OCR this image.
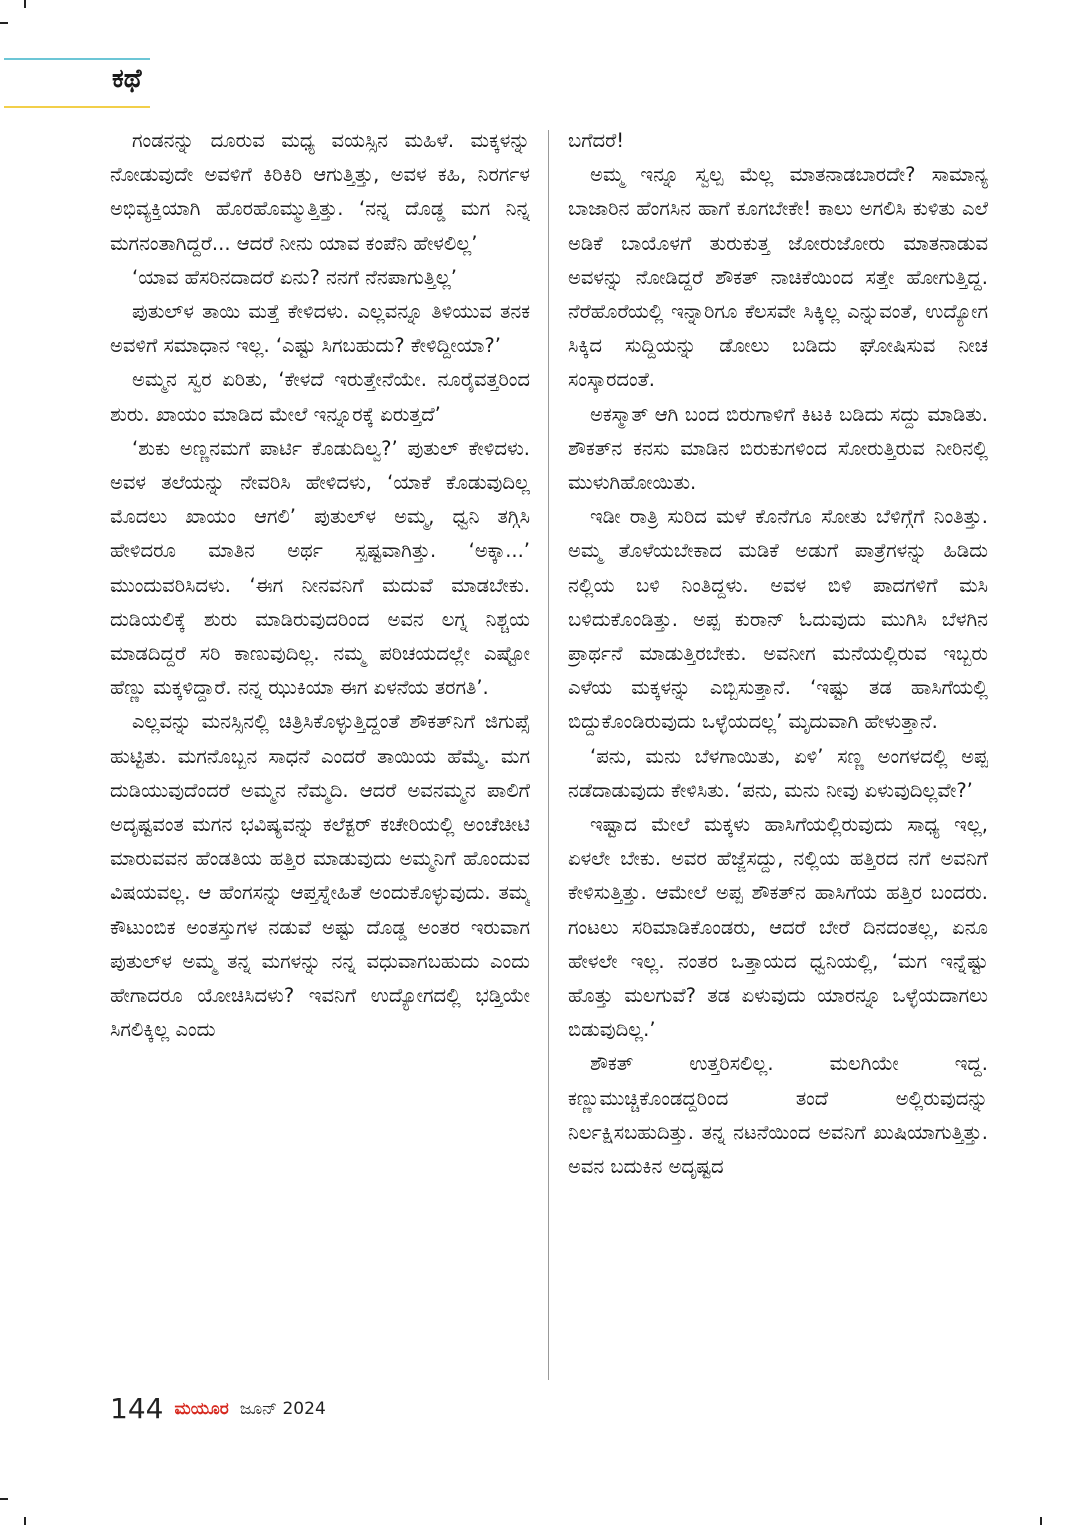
ಕಥೆ

ಗಂಡನನ್ನು ದೂರುವ ಮಧ್ಯ ವಯಸ್ಸಿನ ಮಹಿಳೆ. ಮಕ್ಕಳನ್ನು ನೋಡುವುದೇ ಅವಳಿಗೆ ಕಿರಿಕಿರಿ ಆಗುತ್ತಿತ್ತು, ಅವಳ ಕಹಿ, ನಿರರ್ಗಳ ಅಭಿವ್ಯಕ್ತಿಯಾಗಿ ಹೊರಹೊಮ್ಮುತ್ತಿತ್ತು. ‘ನನ್ನ ದೊಡ್ಡ ಮಗ ನಿನ್ನ ಮಗನಂತಾಗಿದ್ದರೆ... ಆದರೆ ನೀನು ಯಾವ ಕಂಪೆನಿ ಹೇಳಲಿಲ್ಲ’

‘ಯಾವ ಹೆಸರಿನದಾದರೆ ಏನು? ನನಗೆ ನೆನಪಾಗುತ್ತಿಲ್ಲ’

ಪುತುಲ್‌ಳ ತಾಯಿ ಮತ್ತೆ ಕೇಳಿದಳು. ಎಲ್ಲವನ್ನೂ ತಿಳಿಯುವ ತನಕ ಅವಳಿಗೆ ಸಮಾಧಾನ ಇಲ್ಲ. ‘ಎಷ್ಟು ಸಿಗಬಹುದು? ಕೇಳಿದ್ದೀಯಾ?’

ಅಮ್ಮನ ಸ್ವರ ಏರಿತು, ‘ಕೇಳದೆ ಇರುತ್ತೇನೆಯೇ. ನೂರೈವತ್ತರಿಂದ ಶುರು. ಖಾಯಂ ಮಾಡಿದ ಮೇಲೆ ಇನ್ನೂರಕ್ಕೆ ಏರುತ್ತದೆ’

‘ಶುಕು ಅಣ್ಣನಮಗೆ ಪಾರ್ಟಿ ಕೊಡುದಿಲ್ವ?’ ಪುತುಲ್ ಕೇಳಿದಳು. ಅವಳ ತಲೆಯನ್ನು ನೇವರಿಸಿ ಹೇಳಿದಳು, ‘ಯಾಕೆ ಕೊಡುವುದಿಲ್ಲ ಮೊದಲು ಖಾಯಂ ಆಗಲಿ’ ಪುತುಲ್‌ಳ ಅಮ್ಮ, ಧ್ವನಿ ತಗ್ಗಿಸಿ ಹೇಳಿದರೂ ಮಾತಿನ ಅರ್ಥ ಸ್ಪಷ್ಟವಾಗಿತ್ತು. ‘ಅಕ್ಕಾ...’ ಮುಂದುವರಿಸಿದಳು. ‘ಈಗ ನೀನವನಿಗೆ ಮದುವೆ ಮಾಡಬೇಕು. ದುಡಿಯಲಿಕ್ಕೆ ಶುರು ಮಾಡಿರುವುದರಿಂದ ಅವನ ಲಗ್ನ ನಿಶ್ಚಯ ಮಾಡದಿದ್ದರೆ ಸರಿ ಕಾಣುವುದಿಲ್ಲ. ನಮ್ಮ ಪರಿಚಯದಲ್ಲೇ ಎಷ್ಟೋ ಹೆಣ್ಣು ಮಕ್ಕಳಿದ್ದಾರೆ. ನನ್ನ ಝುಕಿಯಾ ಈಗ ಏಳನೆಯ ತರಗತಿ’.

ಎಲ್ಲವನ್ನು ಮನಸ್ಸಿನಲ್ಲಿ ಚಿತ್ರಿಸಿಕೊಳ್ಳುತ್ತಿದ್ದಂತೆ ಶೌಕತ್‌ನಿಗೆ ಜಿಗುಪ್ಸೆ ಹುಟ್ಟಿತು. ಮಗನೊಬ್ಬನ ಸಾಧನೆ ಎಂದರೆ ತಾಯಿಯ ಹೆಮ್ಮೆ. ಮಗ ದುಡಿಯುವುದೆಂದರೆ ಅಮ್ಮನ ನೆಮ್ಮದಿ. ಆದರೆ ಅವನಮ್ಮನ ಪಾಲಿಗೆ ಅದೃಷ್ಟವಂತ ಮಗನ ಭವಿಷ್ಯವನ್ನು ಕಲೆಕ್ಟರ್ ಕಚೇರಿಯಲ್ಲಿ ಅಂಚೆಚೀಟಿ ಮಾರುವವನ ಹೆಂಡತಿಯ ಹತ್ತಿರ ಮಾಡುವುದು ಅಮ್ಮನಿಗೆ ಹೊಂದುವ ವಿಷಯವಲ್ಲ. ಆ ಹೆಂಗಸನ್ನು ಆಪ್ತಸ್ನೇಹಿತೆ ಅಂದುಕೊಳ್ಳುವುದು. ತಮ್ಮ ಕೌಟುಂಬಿಕ ಅಂತಸ್ತುಗಳ ನಡುವೆ ಅಷ್ಟು ದೊಡ್ಡ ಅಂತರ ಇರುವಾಗ ಪುತುಲ್‌ಳ ಅಮ್ಮ ತನ್ನ ಮಗಳನ್ನು ನನ್ನ ವಧುವಾಗಬಹುದು ಎಂದು ಹೇಗಾದರೂ ಯೋಚಿಸಿದಳು? ಇವನಿಗೆ ಉದ್ಯೋಗದಲ್ಲಿ ಭಡ್ತಿಯೇ ಸಿಗಲಿಕ್ಕಿಲ್ಲ ಎಂದು

ಬಗೆದರೆ!

ಅಮ್ಮ ಇನ್ನೂ ಸ್ವಲ್ಪ ಮೆಲ್ಲ ಮಾತನಾಡಬಾರದೇ? ಸಾಮಾನ್ಯ ಬಾಜಾರಿನ ಹೆಂಗಸಿನ ಹಾಗೆ ಕೂಗಬೇಕೇ! ಕಾಲು ಅಗಲಿಸಿ ಕುಳಿತು ಎಲೆ ಅಡಿಕೆ ಬಾಯೊಳಗೆ ತುರುಕುತ್ತ ಜೋರುಜೋರು ಮಾತನಾಡುವ ಅವಳನ್ನು ನೋಡಿದ್ದರೆ ಶೌಕತ್ ನಾಚಿಕೆಯಿಂದ ಸತ್ತೇ ಹೋಗುತ್ತಿದ್ದ. ನೆರೆಹೊರೆಯಲ್ಲಿ ಇನ್ನಾರಿಗೂ ಕೆಲಸವೇ ಸಿಕ್ಕಿಲ್ಲ ಎನ್ನುವಂತೆ, ಉದ್ಯೋಗ ಸಿಕ್ಕಿದ ಸುದ್ದಿಯನ್ನು ಡೋಲು ಬಡಿದು ಘೋಷಿಸುವ ನೀಚ ಸಂಸ್ಕಾರದಂತೆ.

ಅಕಸ್ಮಾತ್ ಆಗಿ ಬಂದ ಬಿರುಗಾಳಿಗೆ ಕಿಟಕಿ ಬಡಿದು ಸದ್ದು ಮಾಡಿತು. ಶೌಕತ್‌ನ ಕನಸು ಮಾಡಿನ ಬಿರುಕುಗಳಿಂದ ಸೋರುತ್ತಿರುವ ನೀರಿನಲ್ಲಿ ಮುಳುಗಿಹೋಯಿತು.

ಇಡೀ ರಾತ್ರಿ ಸುರಿದ ಮಳೆ ಕೊನೆಗೂ ಸೋತು ಬೆಳಿಗ್ಗೆಗೆ ನಿಂತಿತ್ತು. ಅಮ್ಮ ತೊಳೆಯಬೇಕಾದ ಮಡಿಕೆ ಅಡುಗೆ ಪಾತ್ರೆಗಳನ್ನು ಹಿಡಿದು ನಲ್ಲಿಯ ಬಳಿ ನಿಂತಿದ್ದಳು. ಅವಳ ಬಿಳಿ ಪಾದಗಳಿಗೆ ಮಸಿ ಬಳಿದುಕೊಂಡಿತ್ತು. ಅಪ್ಪ ಕುರಾನ್ ಓದುವುದು ಮುಗಿಸಿ ಬೆಳಗಿನ ಪ್ರಾರ್ಥನೆ ಮಾಡುತ್ತಿರಬೇಕು. ಅವನೀಗ ಮನೆಯಲ್ಲಿರುವ ಇಬ್ಬರು ಎಳೆಯ ಮಕ್ಕಳನ್ನು ಎಬ್ಬಿಸುತ್ತಾನೆ. ‘ಇಷ್ಟು ತಡ ಹಾಸಿಗೆಯಲ್ಲಿ ಬಿದ್ದುಕೊಂಡಿರುವುದು ಒಳ್ಳೆಯದಲ್ಲ’ ಮೃದುವಾಗಿ ಹೇಳುತ್ತಾನೆ.

‘ಪನು, ಮನು ಬೆಳಗಾಯಿತು, ಏಳಿ’ ಸಣ್ಣ ಅಂಗಳದಲ್ಲಿ ಅಪ್ಪ ನಡೆದಾಡುವುದು ಕೇಳಿಸಿತು. ‘ಪನು, ಮನು ನೀವು ಏಳುವುದಿಲ್ಲವೇ?’

ಇಷ್ಟಾದ ಮೇಲೆ ಮಕ್ಕಳು ಹಾಸಿಗೆಯಲ್ಲಿರುವುದು ಸಾಧ್ಯ ಇಲ್ಲ, ಏಳಲೇ ಬೇಕು. ಅವರ ಹೆಜ್ಜೆಸದ್ದು, ನಲ್ಲಿಯ ಹತ್ತಿರದ ನಗೆ ಅವನಿಗೆ ಕೇಳಿಸುತ್ತಿತ್ತು. ಆಮೇಲೆ ಅಪ್ಪ ಶೌಕತ್‌ನ ಹಾಸಿಗೆಯ ಹತ್ತಿರ ಬಂದರು. ಗಂಟಲು ಸರಿಮಾಡಿಕೊಂಡರು, ಆದರೆ ಬೇರೆ ದಿನದಂತಲ್ಲ, ಏನೂ ಹೇಳಲೇ ಇಲ್ಲ. ನಂತರ ಒತ್ತಾಯದ ಧ್ವನಿಯಲ್ಲಿ, ‘ಮಗ ಇನ್ನೆಷ್ಟು ಹೊತ್ತು ಮಲಗುವೆ? ತಡ ಏಳುವುದು ಯಾರನ್ನೂ ಒಳ್ಳೆಯದಾಗಲು ಬಿಡುವುದಿಲ್ಲ.’

ಶೌಕತ್ ಉತ್ತರಿಸಲಿಲ್ಲ. ಮಲಗಿಯೇ ಇದ್ದ. ಕಣ್ಣುಮುಚ್ಚಿಕೊಂಡದ್ದರಿಂದ ತಂದೆ ಅಲ್ಲಿರುವುದನ್ನು ನಿರ್ಲಕ್ಷಿಸಬಹುದಿತ್ತು. ತನ್ನ ನಟನೆಯಿಂದ ಅವನಿಗೆ ಖುಷಿಯಾಗುತ್ತಿತ್ತು. ಅವನ ಬದುಕಿನ ಅದೃಷ್ಟದ

144 ಮಯೂರ ಜೂನ್ 2024
